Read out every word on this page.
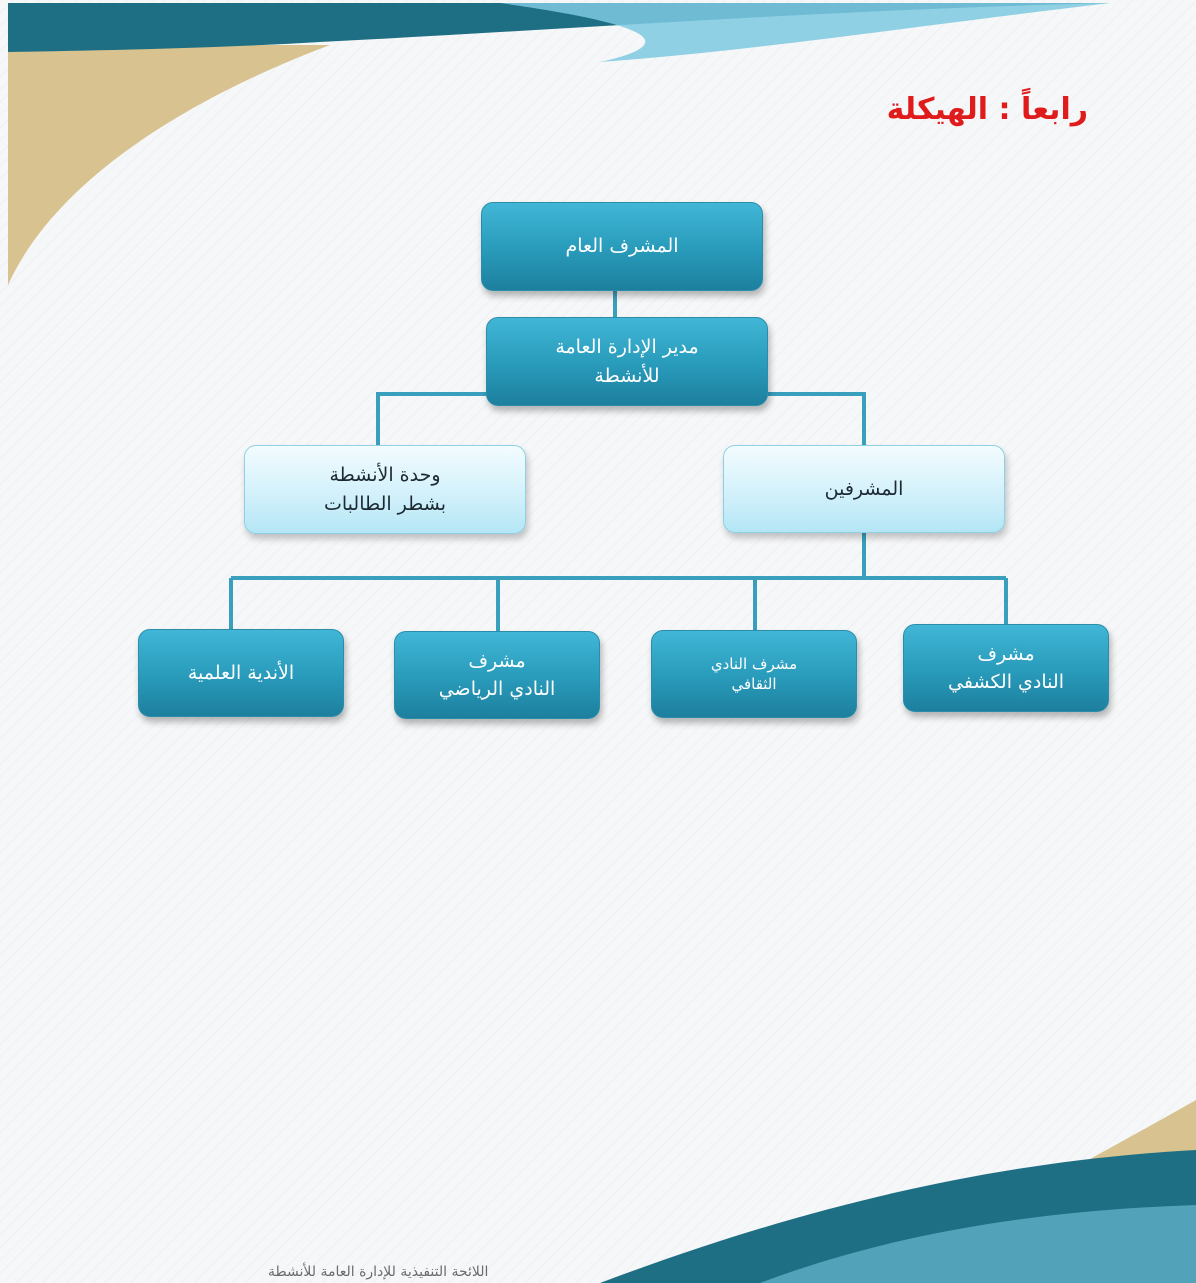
رابعاً : الهيكلة
المشرف العام
مدير الإدارة العامة
للأنشطة
وحدة الأنشطة
بشطر الطالبات
المشرفين
مشرف
النادي الكشفي
مشرف النادي
الثقافي
مشرف
النادي الرياضي
الأندية العلمية
اللائحة التنفيذية للإدارة العامة للأنشطة
